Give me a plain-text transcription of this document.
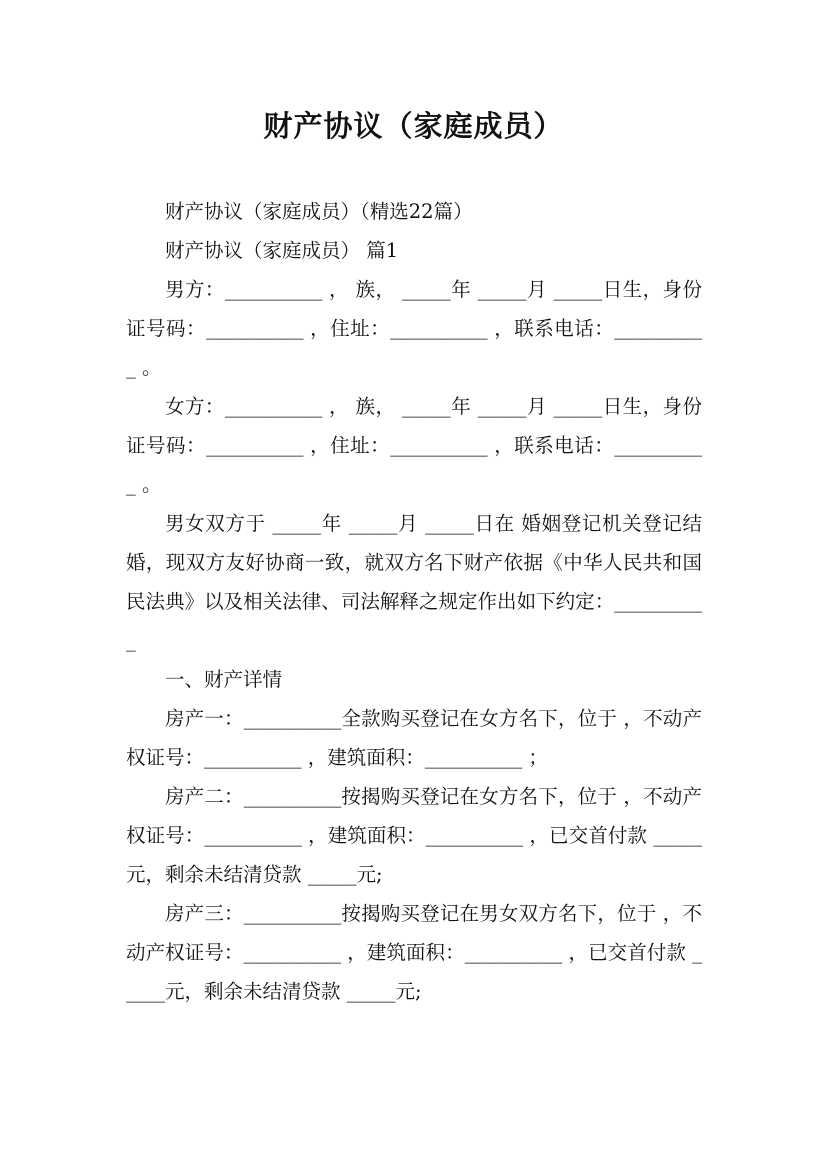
财产协议（家庭成员）

财产协议（家庭成员）（精选22篇）

财产协议（家庭成员） 篇1

男方：__________ ， 族， _____年 _____月 _____日生，身份证号码：__________ ，住址：__________ ，联系电话：__________ 。

女方：__________ ， 族， _____年 _____月 _____日生，身份证号码：__________ ，住址：__________ ，联系电话：__________ 。

男女双方于 _____年 _____月 _____日在 婚姻登记机关登记结婚，现双方友好协商一致，就双方名下财产依据《中华人民共和国民法典》以及相关法律、司法解释之规定作出如下约定：__________

一、财产详情

房产一：__________全款购买登记在女方名下，位于 ，不动产权证号：__________ ，建筑面积：__________ ；

房产二：__________按揭购买登记在女方名下，位于 ，不动产权证号：__________ ，建筑面积：__________ ，已交首付款 _____元，剩余未结清贷款 _____元;

房产三：__________按揭购买登记在男女双方名下，位于 ，不动产权证号：__________ ，建筑面积：__________ ，已交首付款 _____元，剩余未结清贷款 _____元;
